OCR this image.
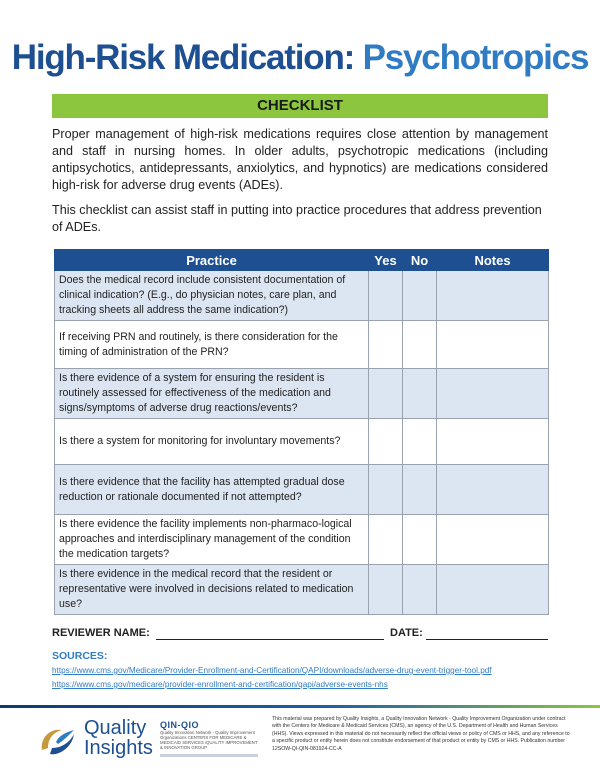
High-Risk Medication: Psychotropics
CHECKLIST

Proper management of high-risk medications requires close attention by management and staff in nursing homes. In older adults, psychotropic medications (including antipsychotics, antidepressants, anxiolytics, and hypnotics) are medications considered high-risk for adverse drug events (ADEs).

This checklist can assist staff in putting into practice procedures that address prevention of ADEs.

Practice	Yes	No	Notes
Does the medical record include consistent documentation of clinical indication? (E.g., do physician notes, care plan, and tracking sheets all address the same indication?)			
If receiving PRN and routinely, is there consideration for the timing of administration of the PRN?			
Is there evidence of a system for ensuring the resident is routinely assessed for effectiveness of the medication and signs/symptoms of adverse drug reactions/events?			
Is there a system for monitoring for involuntary movements?			
Is there evidence that the facility has attempted gradual dose reduction or rationale documented if not attempted?			
Is there evidence the facility implements non-pharmaco-logical approaches and interdisciplinary management of the condition the medication targets?			
Is there evidence in the medical record that the resident or representative were involved in decisions related to medication use?			
REVIEWER NAME:	DATE:
SOURCES:
https://www.cms.gov/Medicare/Provider-Enrollment-and-Certification/QAPI/downloads/adverse-drug-event-trigger-tool.pdf
https://www.cms.gov/medicare/provider-enrollment-and-certification/qapi/adverse-events-nhs
Quality
Insights
QIN-QIO
Quality Innovation Network - Quality Improvement Organizations CENTERS FOR MEDICARE & MEDICAID SERVICES iQUALITY IMPROVEMENT & INNOVATION GROUP

This material was prepared by Quality Insights, a Quality Innovation Network - Quality Improvement Organization under contract with the Centers for Medicare & Medicaid Services (CMS), an agency of the U.S. Department of Health and Human Services (HHS). Views expressed in this material do not necessarily reflect the official views or policy of CMS or HHS, and any reference to a specific product or entity herein does not constitute endorsement of that product or entity by CMS or HHS. Publication number 12SOW-QI-QIN-081924-CC-A
